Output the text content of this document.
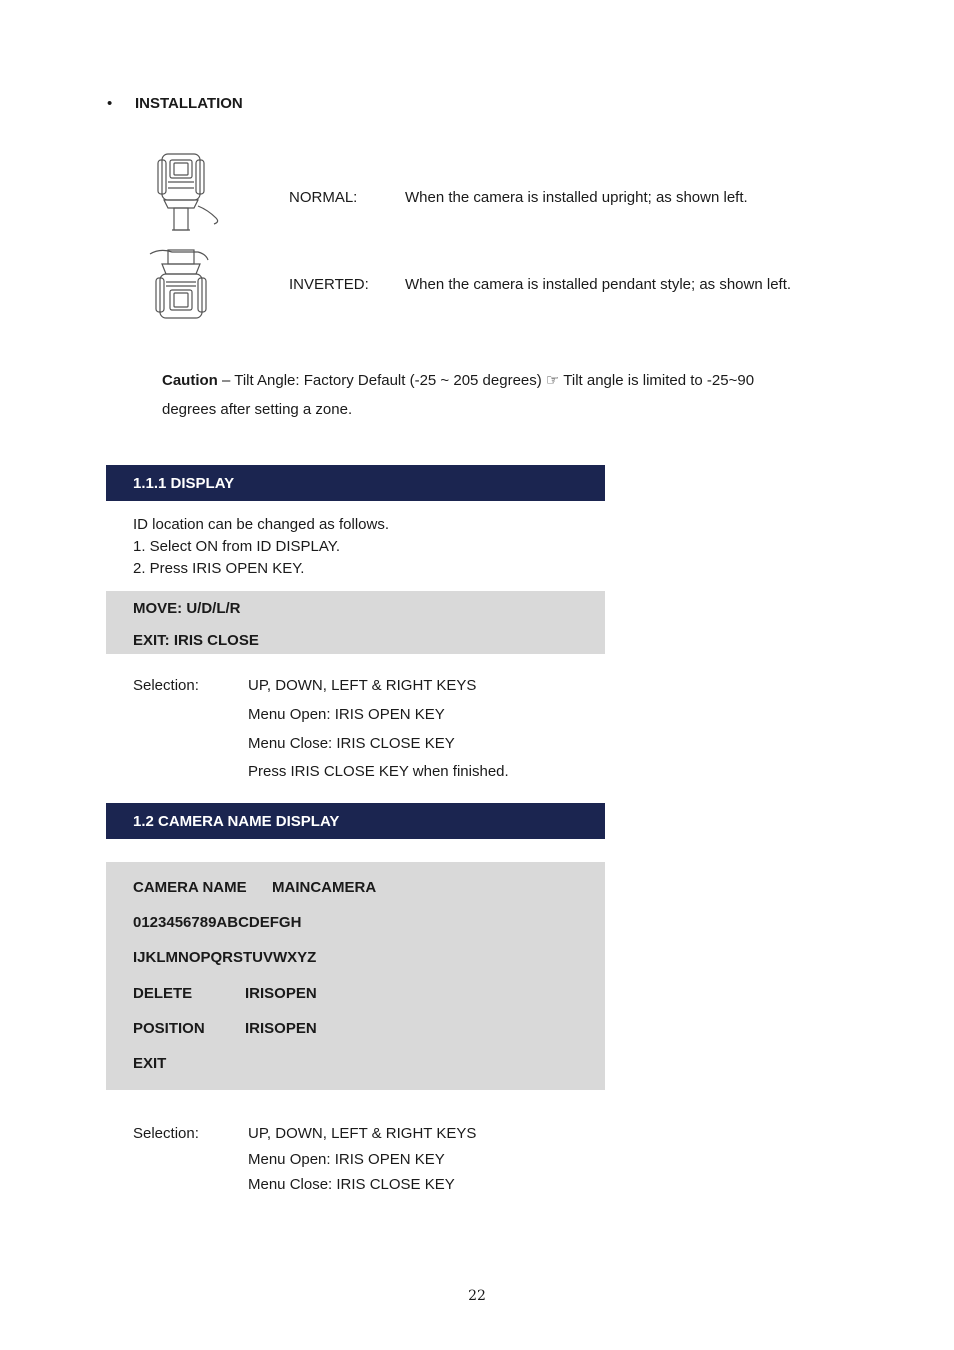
• INSTALLATION
NORMAL:	When the camera is installed upright; as shown left.
INVERTED: When the camera is installed pendant style; as shown left.
Caution – Tilt Angle: Factory Default (-25 ~ 205 degrees) ☞ Tilt angle is limited to -25~90
degrees after setting a zone.
1.1.1 DISPLAY
ID location can be changed as follows.
1. Select ON from ID DISPLAY.
2. Press IRIS OPEN KEY.
MOVE: U/D/L/R
EXIT: IRIS CLOSE
Selection:	UP, DOWN, LEFT & RIGHT KEYS
Menu Open: IRIS OPEN KEY
Menu Close: IRIS CLOSE KEY
Press IRIS CLOSE KEY when finished.
1.2 CAMERA NAME DISPLAY
CAMERA NAME MAINCAMERA
0123456789ABCDEFGH
IJKLMNOPQRSTUVWXYZ
DELETE	IRISOPEN
POSITION	IRISOPEN
EXIT
Selection:	UP, DOWN, LEFT & RIGHT KEYS
Menu Open: IRIS OPEN KEY
Menu Close: IRIS CLOSE KEY
22
